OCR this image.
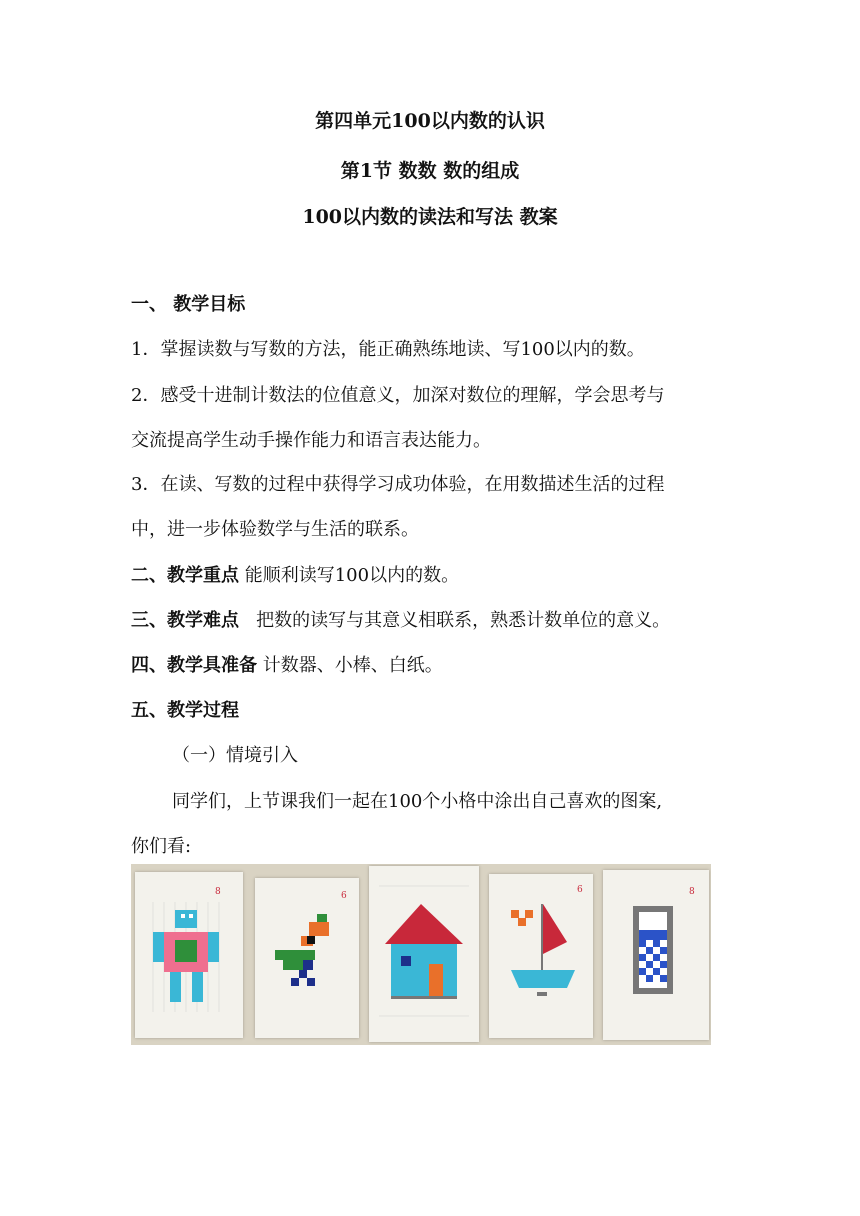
第四单元100以内数的认识
第1节 数数 数的组成
100以内数的读法和写法 教案
一、 教学目标
1．掌握读数与写数的方法，能正确熟练地读、写100以内的数。
2．感受十进制计数法的位值意义，加深对数位的理解，学会思考与
交流提高学生动手操作能力和语言表达能力。
3．在读、写数的过程中获得学习成功体验，在用数描述生活的过程
中，进一步体验数学与生活的联系。
二、教学重点 能顺利读写100以内的数。
三、教学难点   把数的读写与其意义相联系，熟悉计数单位的意义。
四、教学具准备 计数器、小棒、白纸。
五、教学过程
（一）情境引入
同学们，上节课我们一起在100个小格中涂出自己喜欢的图案,
你们看:
8	6
6	8
